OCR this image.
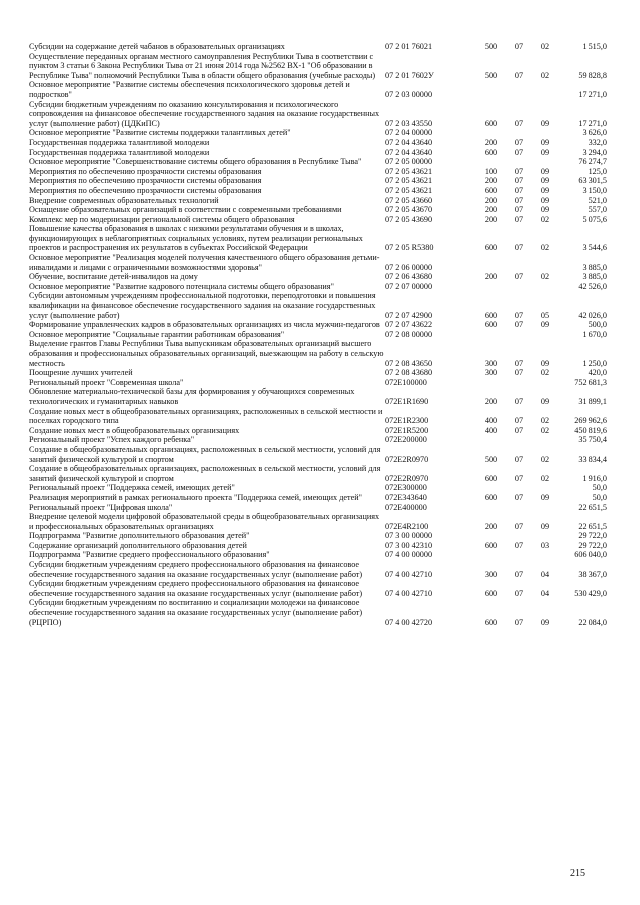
Субсидии на содержание детей чабанов в образовательных организациях	07 2 01 76021	500	07	02	1 515,0
Осуществление переданных органам местного самоуправления Республики Тыва в соответствии с пунктом 3 статьи 6 Закона Республики Тыва от 21 июня 2014 года №2562 ВХ-1 "Об образовании в Республике Тыва" полномочий Республики Тыва в области общего образования (учебные расходы)	07 2 01 7602У	500	07	02	59 828,8
Основное мероприятие "Развитие системы обеспечения психологического здоровья детей и подростков"	07 2 03 00000				17 271,0
Субсидии бюджетным учреждениям по оказанию консультирования и психологического сопровождения на финансовое обеспечение государственного задания на оказание государственных услуг (выполнение работ) (ЦДКиПС)	07 2 03 43550	600	07	09	17 271,0
Основное мероприятие "Развитие системы поддержки талантливых детей"	07 2 04 00000				3 626,0
Государственная поддержка талантливой молодежи	07 2 04 43640	200	07	09	332,0
Государственная поддержка талантливой молодежи	07 2 04 43640	600	07	09	3 294,0
Основное мероприятие "Совершенствование системы общего образования в Республике Тыва"	07 2 05 00000				76 274,7
Мероприятия по обеспечению прозрачности системы образования	07 2 05 43621	100	07	09	125,0
Мероприятия по обеспечению прозрачности системы образования	07 2 05 43621	200	07	09	63 301,5
Мероприятия по обеспечению прозрачности системы образования	07 2 05 43621	600	07	09	3 150,0
Внедрение современных образовательных технологий	07 2 05 43660	200	07	09	521,0
Оснащение образовательных организаций в соответствии с современными требованиями	07 2 05 43670	200	07	09	557,0
Комплекс мер по модернизации региональной системы общего образования	07 2 05 43690	200	07	02	5 075,6
Повышение качества образования в школах с низкими результатами обучения и в школах, функционирующих в неблагоприятных социальных условиях, путем реализации региональных проектов и распространения их результатов в субъектах Российской Федерации	07 2 05 R5380	600	07	02	3 544,6
Основное мероприятие "Реализация моделей получения качественного общего образования детьми-инвалидами и лицами с ограниченными возможностями здоровья"	07 2 06 00000				3 885,0
Обучение, воспитание детей-инвалидов на дому	07 2 06 43680	200	07	02	3 885,0
Основное мероприятие "Развитие кадрового потенциала системы общего образования"	07 2 07 00000				42 526,0
Субсидии автономным учреждениям профессиональной подготовки, переподготовки и повышения квалификации на финансовое обеспечение государственного задания на оказание государственных услуг (выполнение работ)	07 2 07 42900	600	07	05	42 026,0
Формирование управленческих кадров в образовательных организациях из числа мужчин-педагогов	07 2 07 43622	600	07	09	500,0
Основное мероприятие "Социальные гарантии работникам образования"	07 2 08 00000				1 670,0
Выделение грантов Главы Республики Тыва выпускникам образовательных организаций высшего образования и профессиональных образовательных организаций, выезжающим на работу в сельскую местность	07 2 08 43650	300	07	09	1 250,0
Поощрение лучших учителей	07 2 08 43680	300	07	02	420,0
Региональный проект "Современная школа"	072Е100000				752 681,3
Обновление материально-технической базы для формирования у обучающихся современных технологических и гуманитарных навыков	072Е1R1690	200	07	09	31 899,1
Создание новых мест в общеобразовательных организациях, расположенных в сельской местности и поселках городского типа	072Е1R2300	400	07	02	269 962,6
Создание новых мест в общеобразовательных организациях	072Е1R5200	400	07	02	450 819,6
Региональный проект "Успех каждого ребенка"	072Е200000				35 750,4
Создание в общеобразовательных организациях, расположенных в сельской местности, условий для занятий физической культурой и спортом	072Е2R0970	500	07	02	33 834,4
Создание в общеобразовательных организациях, расположенных в сельской местности, условий для занятий физической культурой и спортом	072Е2R0970	600	07	02	1 916,0
Региональный проект "Поддержка семей, имеющих детей"	072Е300000				50,0
Реализация мероприятий в рамках регионального проекта "Поддержка семей, имеющих детей"	072Е343640	600	07	09	50,0
Региональный проект "Цифровая школа"	072Е400000				22 651,5
Внедрение целевой модели цифровой образовательной среды в общеобразовательных организациях и профессиональных образовательных организациях	072Е4R2100	200	07	09	22 651,5
Подпрограмма "Развитие дополнительного образования детей"	07 3 00 00000				29 722,0
Содержание организаций дополнительного образования детей	07 3 00 42310	600	07	03	29 722,0
Подпрограмма "Развитие среднего профессионального образования"	07 4 00 00000				606 040,0
Субсидии бюджетным учреждениям среднего профессионального образования на финансовое обеспечение государственного задания на оказание государственных услуг (выполнение работ)	07 4 00 42710	300	07	04	38 367,0
Субсидии бюджетным учреждениям среднего профессионального образования на финансовое обеспечение государственного задания на оказание государственных услуг (выполнение работ)	07 4 00 42710	600	07	04	530 429,0
Субсидии бюджетным учреждениям по воспитанию и социализации молодежи на финансовое обеспечение государственного задания на оказание государственных услуг (выполнение работ) (РЦРПО)	07 4 00 42720	600	07	09	22 084,0
215
